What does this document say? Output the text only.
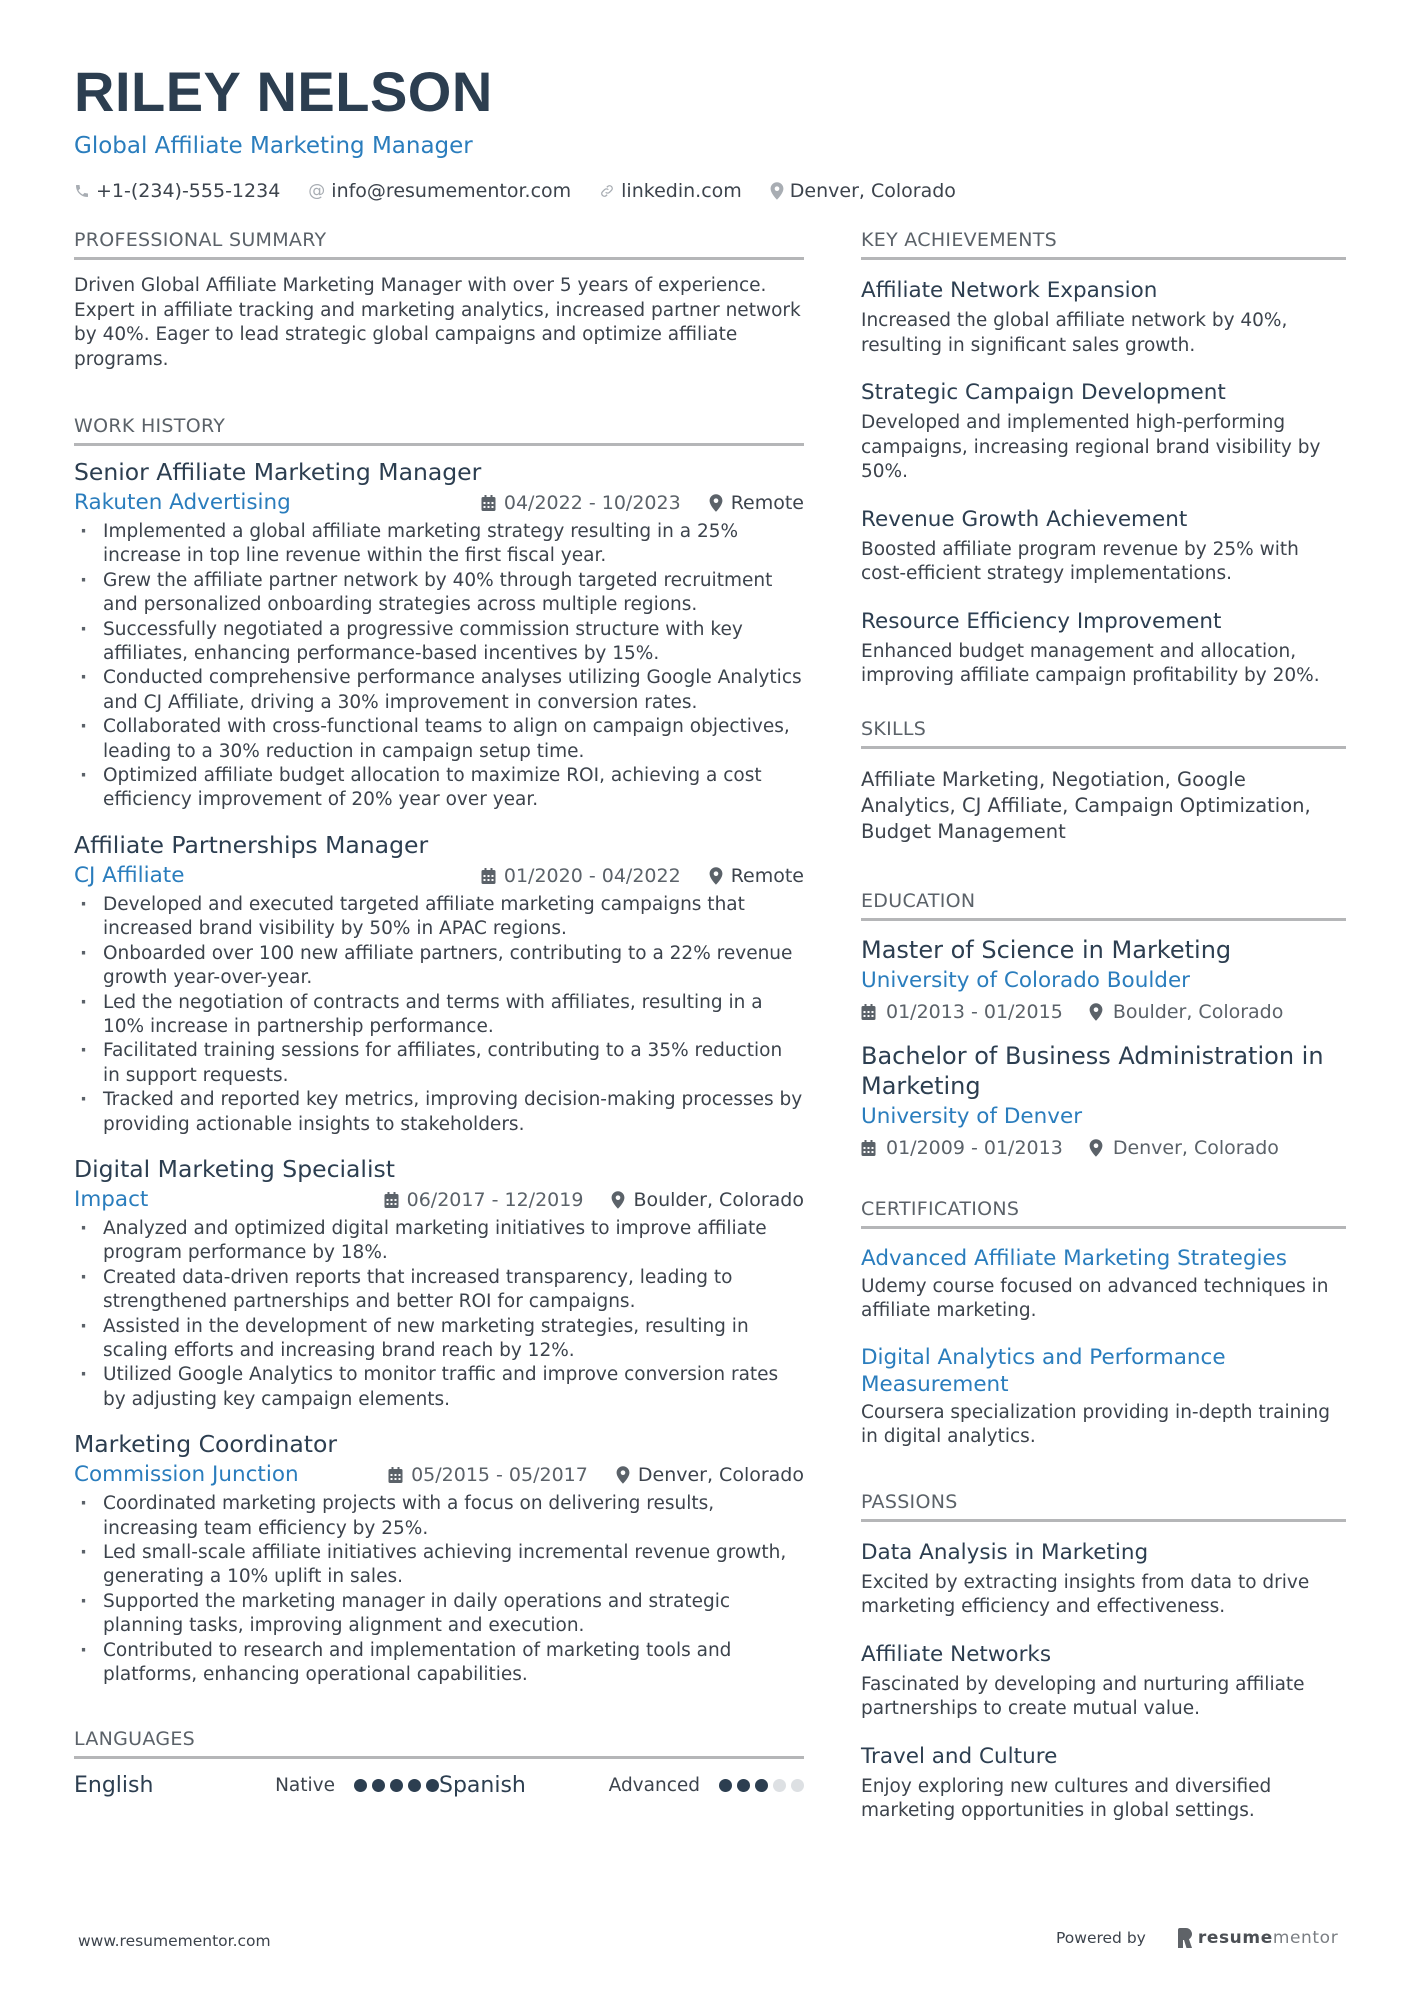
RILEY NELSON
Global Affiliate Marketing Manager
+1-(234)-555-1234 @ info@resumementor.com	linkedin.com	Denver, Colorado
PROFESSIONAL SUMMARY
Driven Global Affiliate Marketing Manager with over 5 years of experience. Expert in affiliate tracking and marketing analytics, increased partner network by 40%. Eager to lead strategic global campaigns and optimize affiliate programs.
WORK HISTORY
Senior Affiliate Marketing Manager
Rakuten Advertising	04/2022 - 10/2023	Remote
· Implemented a global affiliate marketing strategy resulting in a 25% increase in top line revenue within the first fiscal year.
· Grew the affiliate partner network by 40% through targeted recruitment and personalized onboarding strategies across multiple regions.
· Successfully negotiated a progressive commission structure with key affiliates, enhancing performance-based incentives by 15%.
· Conducted comprehensive performance analyses utilizing Google Analytics and CJ Affiliate, driving a 30% improvement in conversion rates.
· Collaborated with cross-functional teams to align on campaign objectives, leading to a 30% reduction in campaign setup time.
· Optimized affiliate budget allocation to maximize ROI, achieving a cost efficiency improvement of 20% year over year.
Affiliate Partnerships Manager
CJ Affiliate	01/2020 - 04/2022	Remote
· Developed and executed targeted affiliate marketing campaigns that increased brand visibility by 50% in APAC regions.
· Onboarded over 100 new affiliate partners, contributing to a 22% revenue growth year-over-year.
· Led the negotiation of contracts and terms with affiliates, resulting in a 10% increase in partnership performance.
· Facilitated training sessions for affiliates, contributing to a 35% reduction in support requests.
· Tracked and reported key metrics, improving decision-making processes by providing actionable insights to stakeholders.
Digital Marketing Specialist
Impact	06/2017 - 12/2019	Boulder, Colorado
· Analyzed and optimized digital marketing initiatives to improve affiliate program performance by 18%.
· Created data-driven reports that increased transparency, leading to strengthened partnerships and better ROI for campaigns.
· Assisted in the development of new marketing strategies, resulting in scaling efforts and increasing brand reach by 12%.
· Utilized Google Analytics to monitor traffic and improve conversion rates by adjusting key campaign elements.
Marketing Coordinator
Commission Junction	05/2015 - 05/2017	Denver, Colorado
· Coordinated marketing projects with a focus on delivering results, increasing team efficiency by 25%.
· Led small-scale affiliate initiatives achieving incremental revenue growth, generating a 10% uplift in sales.
· Supported the marketing manager in daily operations and strategic planning tasks, improving alignment and execution.
· Contributed to research and implementation of marketing tools and platforms, enhancing operational capabilities.
LANGUAGES
English	Native	Spanish	Advanced
KEY ACHIEVEMENTS
Affiliate Network Expansion
Increased the global affiliate network by 40%, resulting in significant sales growth.
Strategic Campaign Development
Developed and implemented high-performing campaigns, increasing regional brand visibility by 50%.
Revenue Growth Achievement
Boosted affiliate program revenue by 25% with cost-efficient strategy implementations.
Resource Efficiency Improvement
Enhanced budget management and allocation, improving affiliate campaign profitability by 20%.
SKILLS
Affiliate Marketing, Negotiation, Google Analytics, CJ Affiliate, Campaign Optimization, Budget Management
EDUCATION
Master of Science in Marketing
University of Colorado Boulder
01/2013 - 01/2015	Boulder, Colorado
Bachelor of Business Administration in Marketing
University of Denver
01/2009 - 01/2013	Denver, Colorado
CERTIFICATIONS
Advanced Affiliate Marketing Strategies
Udemy course focused on advanced techniques in affiliate marketing.
Digital Analytics and Performance Measurement
Coursera specialization providing in-depth training in digital analytics.
PASSIONS
Data Analysis in Marketing
Excited by extracting insights from data to drive marketing efficiency and effectiveness.
Affiliate Networks
Fascinated by developing and nurturing affiliate partnerships to create mutual value.
Travel and Culture
Enjoy exploring new cultures and diversified marketing opportunities in global settings.
www.resumementor.com	Powered by	resume mentor
